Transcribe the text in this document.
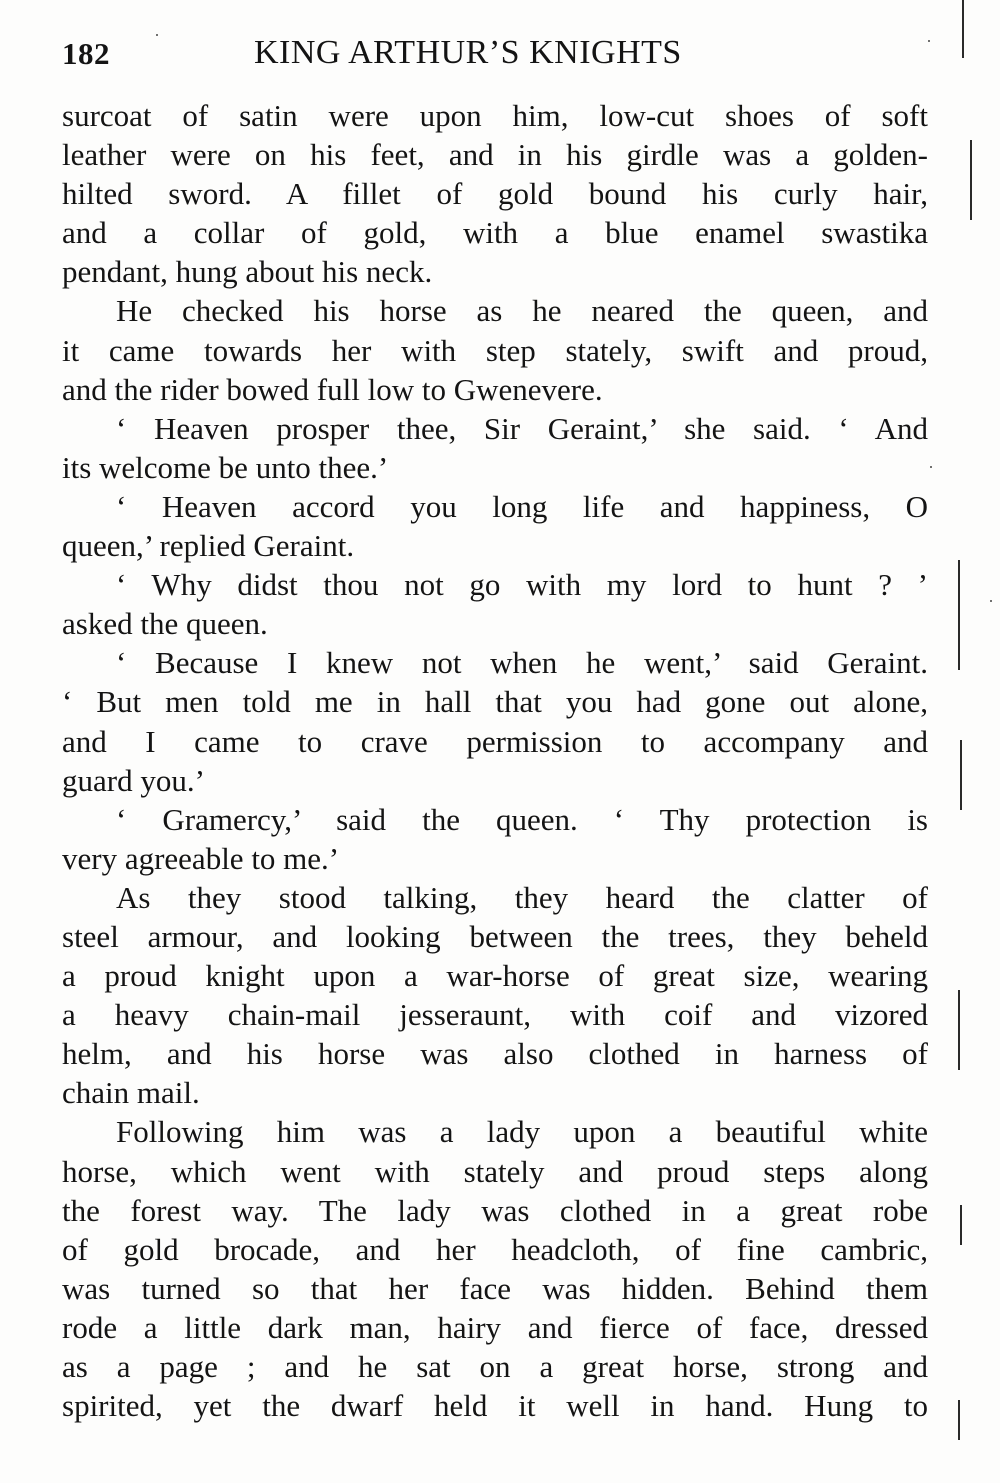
182	KING ARTHUR’S KNIGHTS
surcoat of satin were upon him, low-cut shoes of soft
leather were on his feet, and in his girdle was a golden-
hilted sword. A fillet of gold bound his curly hair,
and a collar of gold, with a blue enamel swastika
pendant, hung about his neck.
He checked his horse as he neared the queen, and
it came towards her with step stately, swift and proud,
and the rider bowed full low to Gwenevere.
‘ Heaven prosper thee, Sir Geraint,’ she said. ‘ And
its welcome be unto thee.’
‘ Heaven accord you long life and happiness, O
queen,’ replied Geraint.
‘ Why didst thou not go with my lord to hunt ? ’
asked the queen.
‘ Because I knew not when he went,’ said Geraint.
‘ But men told me in hall that you had gone out alone,
and I came to crave permission to accompany and
guard you.’
‘ Gramercy,’ said the queen. ‘ Thy protection is
very agreeable to me.’
As they stood talking, they heard the clatter of
steel armour, and looking between the trees, they beheld
a proud knight upon a war-horse of great size, wearing
a heavy chain-mail jesseraunt, with coif and vizored
helm, and his horse was also clothed in harness of
chain mail.
Following him was a lady upon a beautiful white
horse, which went with stately and proud steps along
the forest way. The lady was clothed in a great robe
of gold brocade, and her headcloth, of fine cambric,
was turned so that her face was hidden. Behind them
rode a little dark man, hairy and fierce of face, dressed
as a page ; and he sat on a great horse, strong and
spirited, yet the dwarf held it well in hand. Hung to
